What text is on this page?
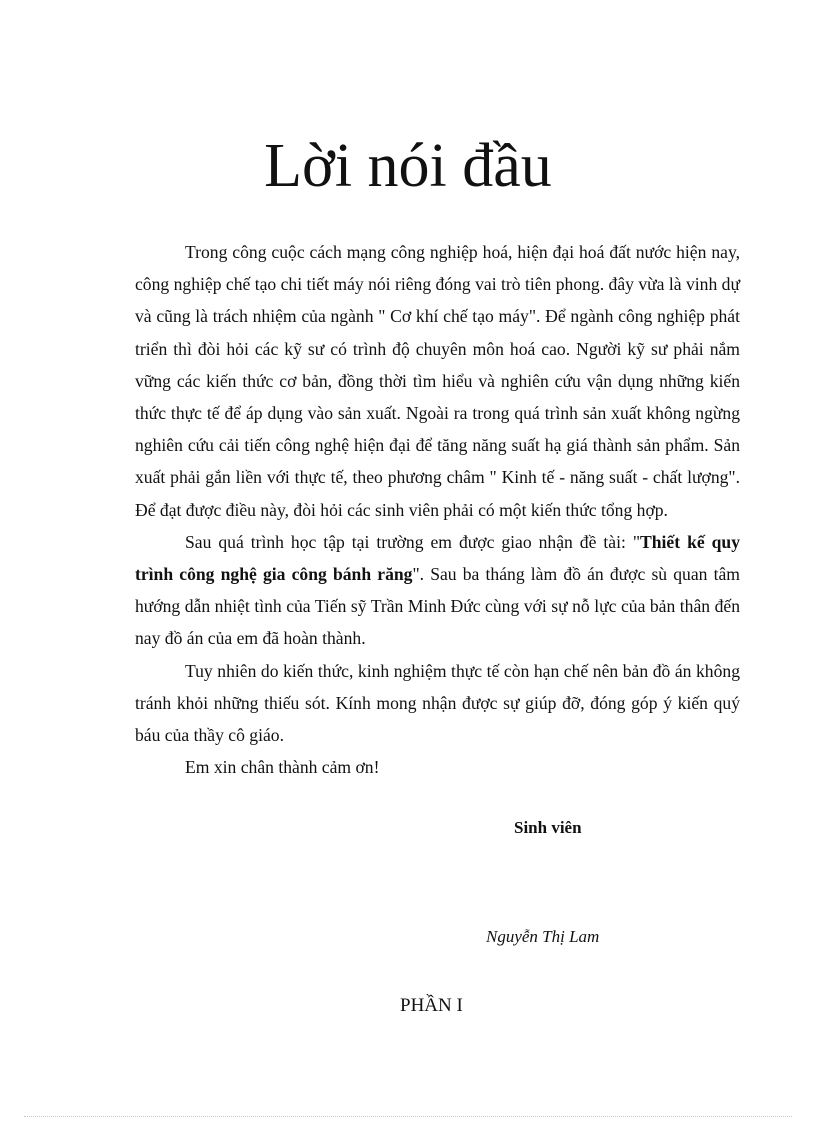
Lời nói đầu

Trong công cuộc cách mạng công nghiệp hoá, hiện đại hoá đất nước hiện nay, công nghiệp chế tạo chi tiết máy nói riêng đóng vai trò tiên phong. đây vừa là vinh dự và cũng là trách nhiệm của ngành " Cơ khí chế tạo máy". Để ngành công nghiệp phát triển thì đòi hỏi các kỹ sư có trình độ chuyên môn hoá cao. Người kỹ sư phải nắm vững các kiến thức cơ bản, đồng thời tìm hiểu và nghiên cứu vận dụng những kiến thức thực tế để áp dụng vào sản xuất. Ngoài ra trong quá trình sản xuất không ngừng nghiên cứu cải tiến công nghệ hiện đại để tăng năng suất hạ giá thành sản phẩm. Sản xuất phải gắn liền với thực tế, theo phương châm " Kinh tế - năng suất - chất lượng". Để đạt được điều này, đòi hỏi các sinh viên phải có một kiến thức tổng hợp.

Sau quá trình học tập tại trường em được giao nhận đề tài: "Thiết kế quy trình công nghệ gia công bánh răng". Sau ba tháng làm đồ án được sù quan tâm hướng dẫn nhiệt tình của Tiến sỹ Trần Minh Đức cùng với sự nỗ lực của bản thân đến nay đồ án của em đã hoàn thành.

Tuy nhiên do kiến thức, kinh nghiệm thực tế còn hạn chế nên bản đồ án không tránh khỏi những thiếu sót. Kính mong nhận được sự giúp đỡ, đóng góp ý kiến quý báu của thầy cô giáo.

Em xin chân thành cảm ơn!

Sinh viên
Nguyễn Thị Lam
PHẦN I
